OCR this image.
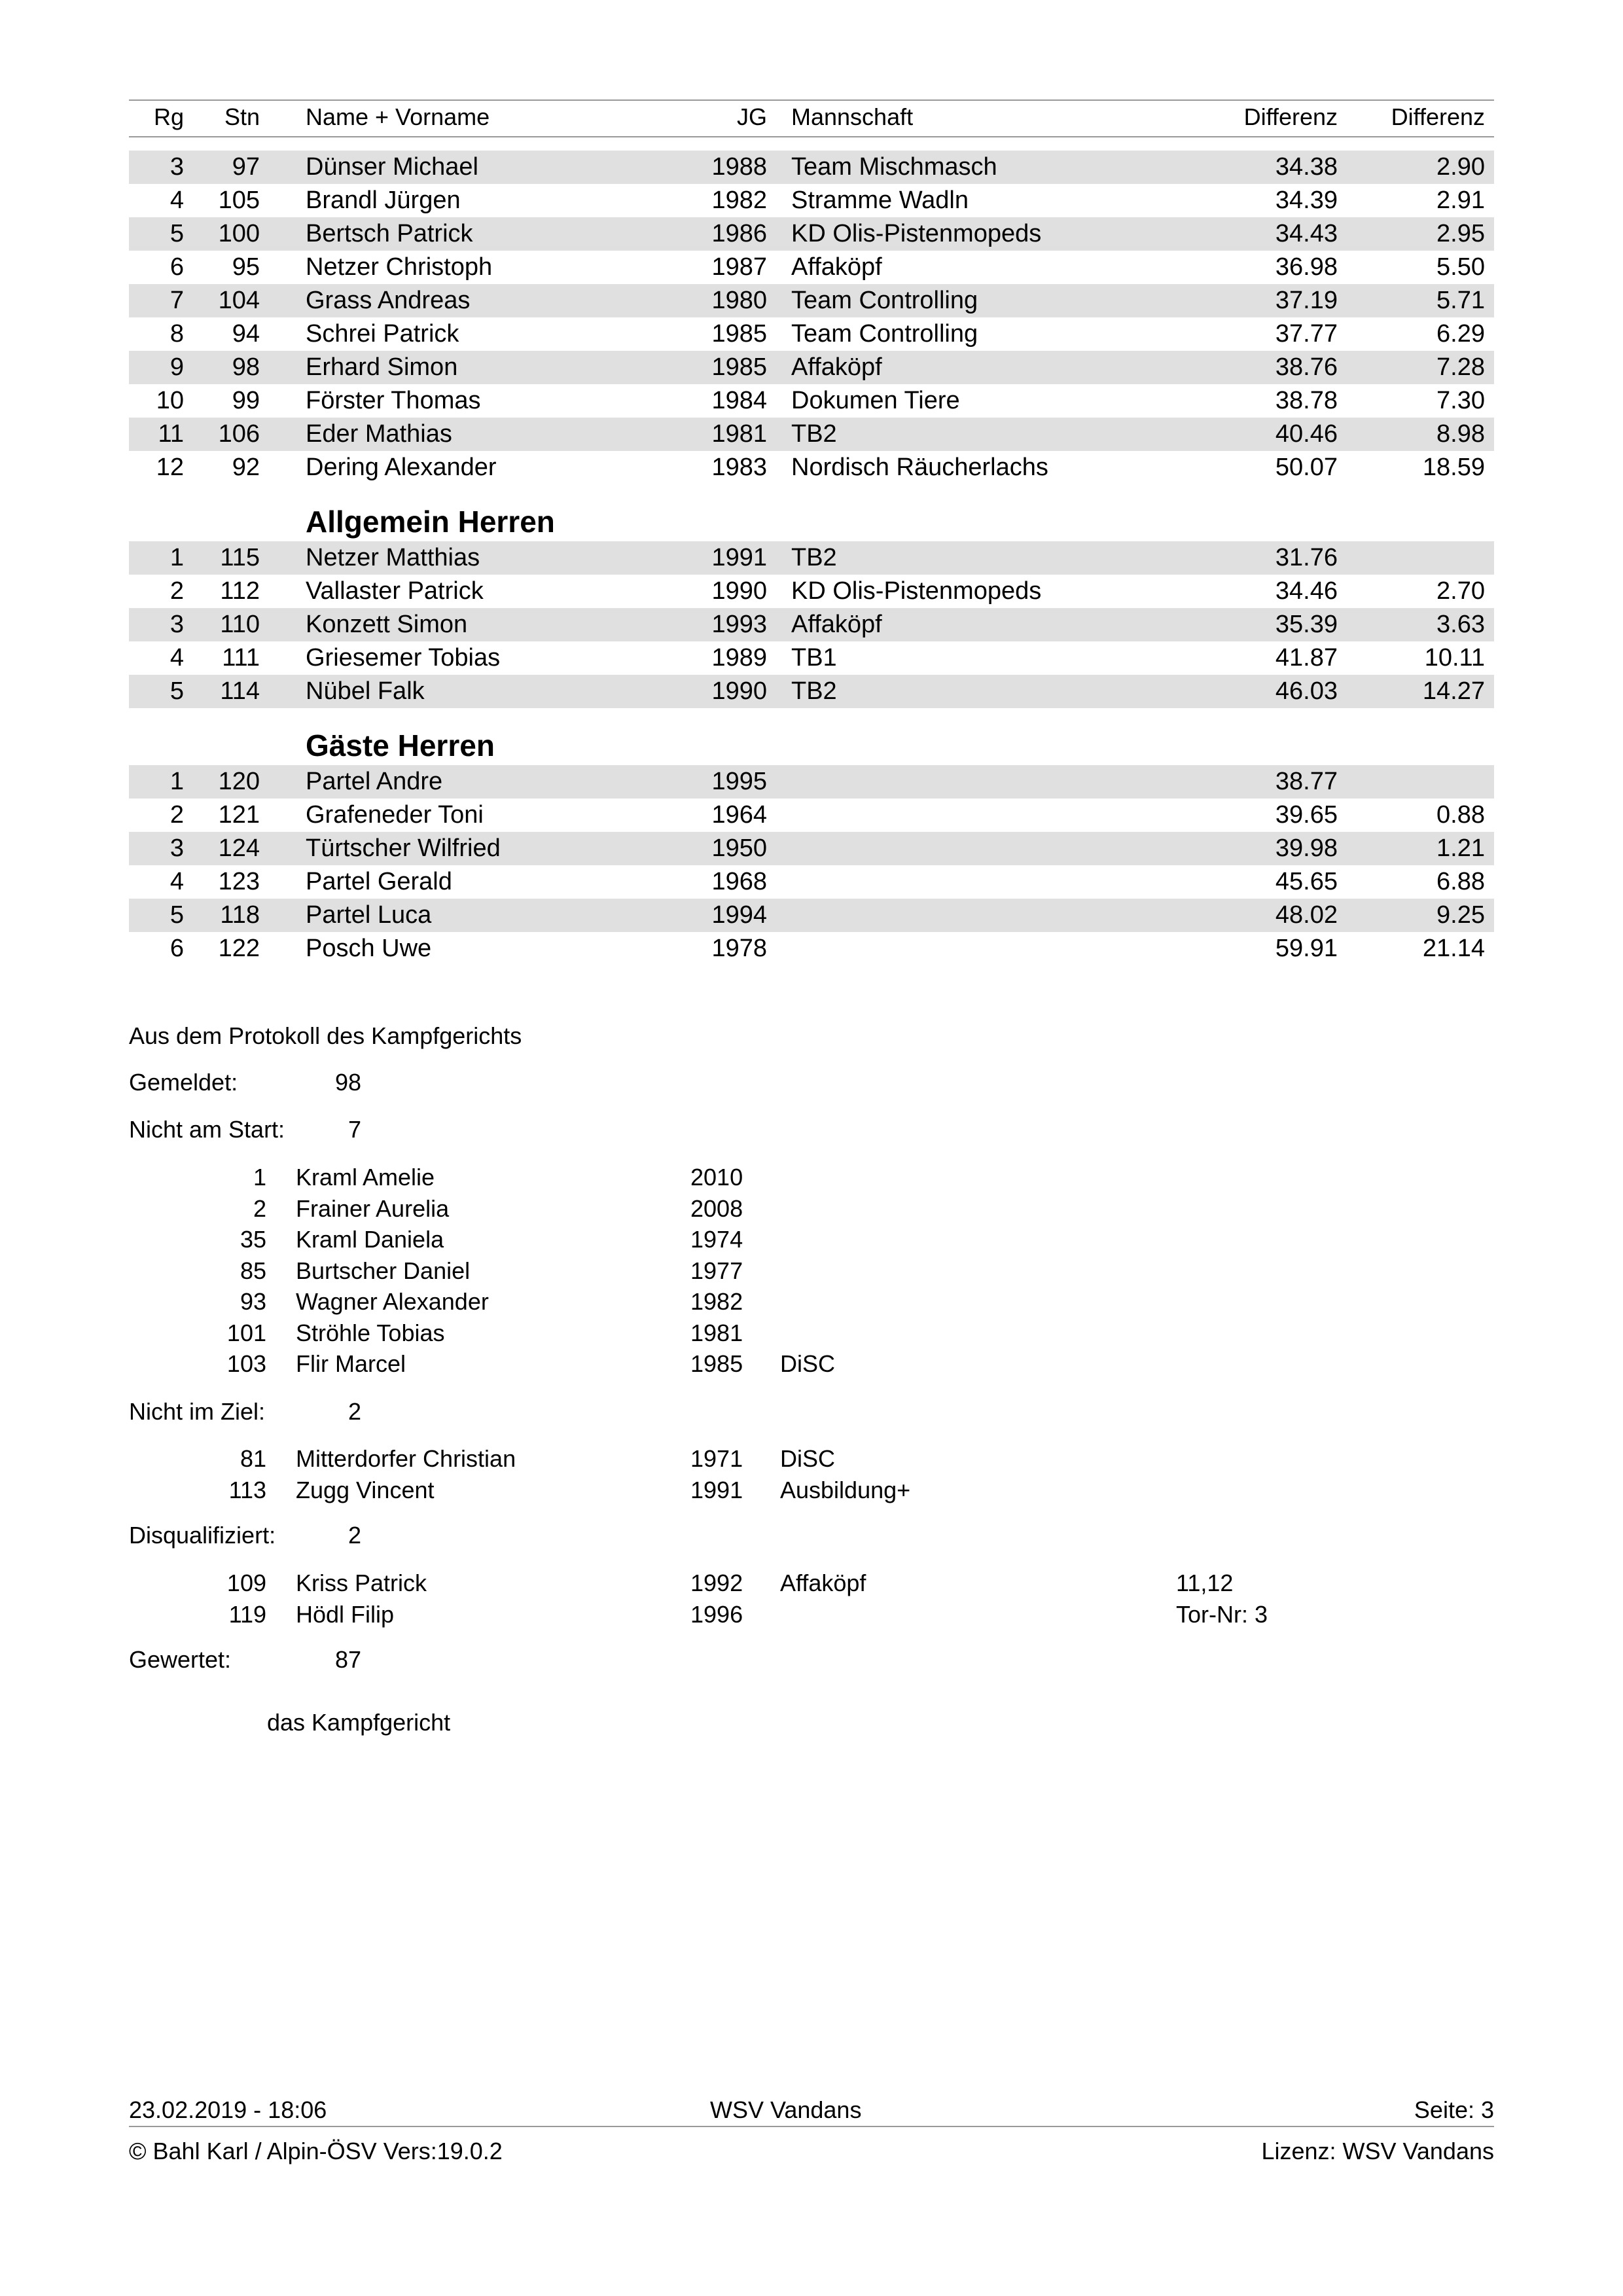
Rg	Stn Name + Vorname	JG Mannschaft	Differenz	Differenz
3	97 Dünser Michael	1988 Team Mischmasch	34.38	2.90
4	105 Brandl Jürgen	1982 Stramme Wadln	34.39	2.91
5	100 Bertsch Patrick	1986 KD Olis-Pistenmopeds	34.43	2.95
6	95 Netzer Christoph	1987 Affaköpf	36.98	5.50
7	104 Grass Andreas	1980 Team Controlling	37.19	5.71
8	94 Schrei Patrick	1985 Team Controlling	37.77	6.29
9	98 Erhard Simon	1985 Affaköpf	38.76	7.28
10	99 Förster Thomas	1984 Dokumen Tiere	38.78	7.30
11	106 Eder Mathias	1981 TB2	40.46	8.98
12	92 Dering Alexander	1983 Nordisch Räucherlachs	50.07	18.59
Allgemein Herren
1	115 Netzer Matthias	1991 TB2	31.76
2	112 Vallaster Patrick	1990 KD Olis-Pistenmopeds	34.46	2.70
3	110 Konzett Simon	1993 Affaköpf	35.39	3.63
4	111 Griesemer Tobias	1989 TB1	41.87	10.11
5	114 Nübel Falk	1990 TB2	46.03	14.27
Gäste Herren
1	120 Partel Andre	1995	38.77
2	121 Grafeneder Toni	1964	39.65	0.88
3	124 Türtscher Wilfried	1950	39.98	1.21
4	123 Partel Gerald	1968	45.65	6.88
5	118 Partel Luca	1994	48.02	9.25
6	122 Posch Uwe	1978	59.91	21.14
Aus dem Protokoll des Kampfgerichts
Gemeldet:	98
Nicht am Start:	7
1 Kraml Amelie	2010
2 Frainer Aurelia	2008
35 Kraml Daniela	1974
85 Burtscher Daniel	1977
93 Wagner Alexander	1982
101 Ströhle Tobias	1981
103 Flir Marcel	1985 DiSC
Nicht im Ziel:	2
81 Mitterdorfer Christian	1971 DiSC
113 Zugg Vincent	1991 Ausbildung+
Disqualifiziert:	2
109 Kriss Patrick	1992 Affaköpf	11,12
119 Hödl Filip	1996	Tor-Nr: 3
Gewertet:	87
das Kampfgericht
23.02.2019 - 18:06	WSV Vandans	Seite: 3
© Bahl Karl / Alpin-ÖSV Vers:19.0.2	Lizenz: WSV Vandans
